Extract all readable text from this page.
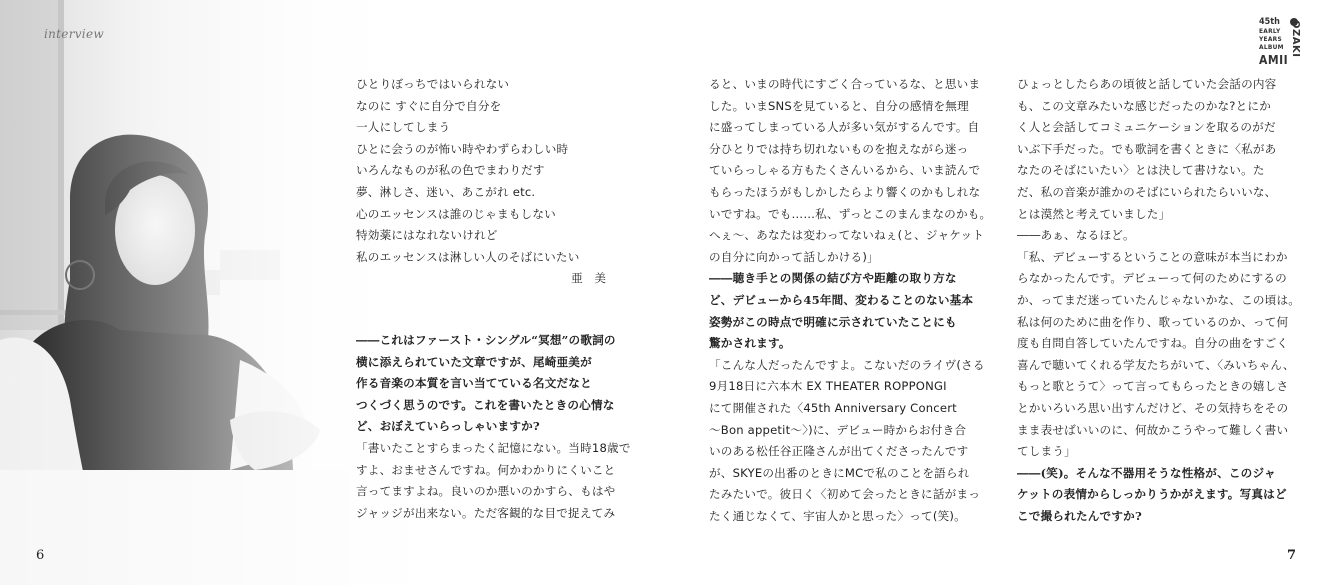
interview
45th
EARLY
YEARS
ALBUM
AMII
OZAKI
ひとりぼっちではいられない
なのに すぐに自分で自分を
一人にしてしまう
ひとに会うのが怖い時やわずらわしい時
いろんなものが私の色でまわりだす
夢、淋しさ、迷い、あこがれ etc.
心のエッセンスは誰のじゃまもしない
特効薬にはなれないけれど
私のエッセンスは淋しい人のそばにいたい
亜 美
――これはファースト・シングル“冥想”の歌詞の
横に添えられていた文章ですが、尾崎亜美が
作る音楽の本質を言い当てている名文だなと
つくづく思うのです。これを書いたときの心情な
ど、おぼえていらっしゃいますか?
「書いたことすらまったく記憶にない。当時18歳で
すよ、おませさんですね。何かわかりにくいこと
言ってますよね。良いのか悪いのかすら、もはや
ジャッジが出来ない。ただ客観的な目で捉えてみ
ると、いまの時代にすごく合っているな、と思いま
した。いまSNSを見ていると、自分の感情を無理
に盛ってしまっている人が多い気がするんです。自
分ひとりでは持ち切れないものを抱えながら迷っ
ていらっしゃる方もたくさんいるから、いま読んで
もらったほうがもしかしたらより響くのかもしれな
いですね。でも……私、ずっとこのまんまなのかも。
へぇ〜、あなたは変わってないねぇ(と、ジャケット
の自分に向かって話しかける)」
――聴き手との関係の結び方や距離の取り方な
ど、デビューから45年間、変わることのない基本
姿勢がこの時点で明確に示されていたことにも
驚かされます。
「こんな人だったんですよ。こないだのライヴ(さる
9月18日に六本木 EX THEATER ROPPONGI
にて開催された〈45th Anniversary Concert
〜Bon appetit〜〉)に、デビュー時からお付き合
いのある松任谷正隆さんが出てくださったんです
が、SKYEの出番のときにMCで私のことを語られ
たみたいで。彼日く〈初めて会ったときに話がまっ
たく通じなくて、宇宙人かと思った〉って(笑)。
ひょっとしたらあの頃彼と話していた会話の内容
も、この文章みたいな感じだったのかな?とにか
く人と会話してコミュニケーションを取るのがだ
いぶ下手だった。でも歌詞を書くときに〈私があ
なたのそばにいたい〉とは決して書けない。た
だ、私の音楽が誰かのそばにいられたらいいな、
とは漠然と考えていました」
――あぁ、なるほど。
「私、デビューするということの意味が本当にわか
らなかったんです。デビューって何のためにするの
か、ってまだ迷っていたんじゃないかな、この頃は。
私は何のために曲を作り、歌っているのか、って何
度も自問自答していたんですね。自分の曲をすごく
喜んで聴いてくれる学友たちがいて、〈みいちゃん、
もっと歌とうて〉って言ってもらったときの嬉しさ
とかいろいろ思い出すんだけど、その気持ちをその
まま表せばいいのに、何故かこうやって難しく書い
てしまう」
――(笑)。そんな不器用そうな性格が、このジャ
ケットの表情からしっかりうかがえます。写真はど
こで撮られたんですか?
6	7
